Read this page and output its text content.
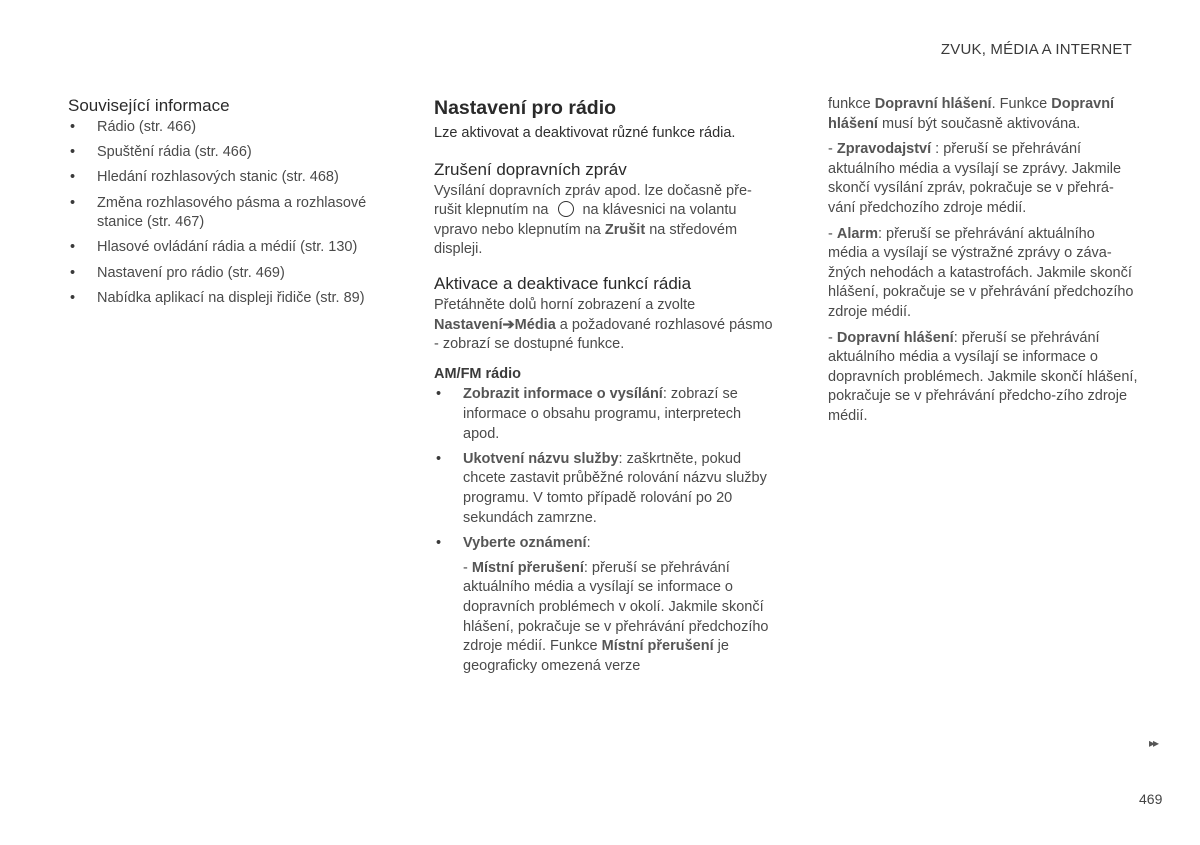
ZVUK, MÉDIA A INTERNET
Související informace
• Rádio (str. 466)
• Spuštění rádia (str. 466)
• Hledání rozhlasových stanic (str. 468)
• Změna rozhlasového pásma a rozhlasové stanice (str. 467)
• Hlasové ovládání rádia a médií (str. 130)
• Nastavení pro rádio (str. 469)
• Nabídka aplikací na displeji řidiče (str. 89)
Nastavení pro rádio

Lze aktivovat a deaktivovat různé funkce rádia.

Zrušení dopravních zpráv

Vysílání dopravních zpráv apod. lze dočasně pře-
rušit klepnutím na na klávesnici na volantu
vpravo nebo klepnutím na Zrušit na středovém displeji.

Aktivace a deaktivace funkcí rádia

Přetáhněte dolů horní zobrazení a zvolte
Nastavení➔Média a požadované rozhlasové pásmo - zobrazí se dostupné funkce.

AM/FM rádio
• Zobrazit informace o vysílání: zobrazí se informace o obsahu programu, interpretech apod.
• Ukotvení názvu služby: zaškrtněte, pokud chcete zastavit průběžné rolování názvu služby programu. V tomto případě rolování po 20 sekundách zamrzne.
• Vyberte oznámení:

- Místní přerušení: přeruší se přehrávání aktuálního média a vysílají se informace o dopravních problémech v okolí. Jakmile skončí hlášení, pokračuje se v přehrávání předchozího zdroje médií. Funkce Místní přerušení je geograficky omezená verze

funkce Dopravní hlášení. Funkce Dopravní hlášení musí být současně aktivována.

- Zpravodajství : přeruší se přehrávání aktuálního média a vysílají se zprávy. Jakmile skončí vysílání zpráv, pokračuje se v přehrá-vání předchozího zdroje médií.

- Alarm: přeruší se přehrávání aktuálního média a vysílají se výstražné zprávy o záva-žných nehodách a katastrofách. Jakmile skončí hlášení, pokračuje se v přehrávání předchozího zdroje médií.

- Dopravní hlášení: přeruší se přehrávání aktuálního média a vysílají se informace o dopravních problémech. Jakmile skončí hlášení, pokračuje se v přehrávání předcho-zího zdroje médií.

▸▸
469
